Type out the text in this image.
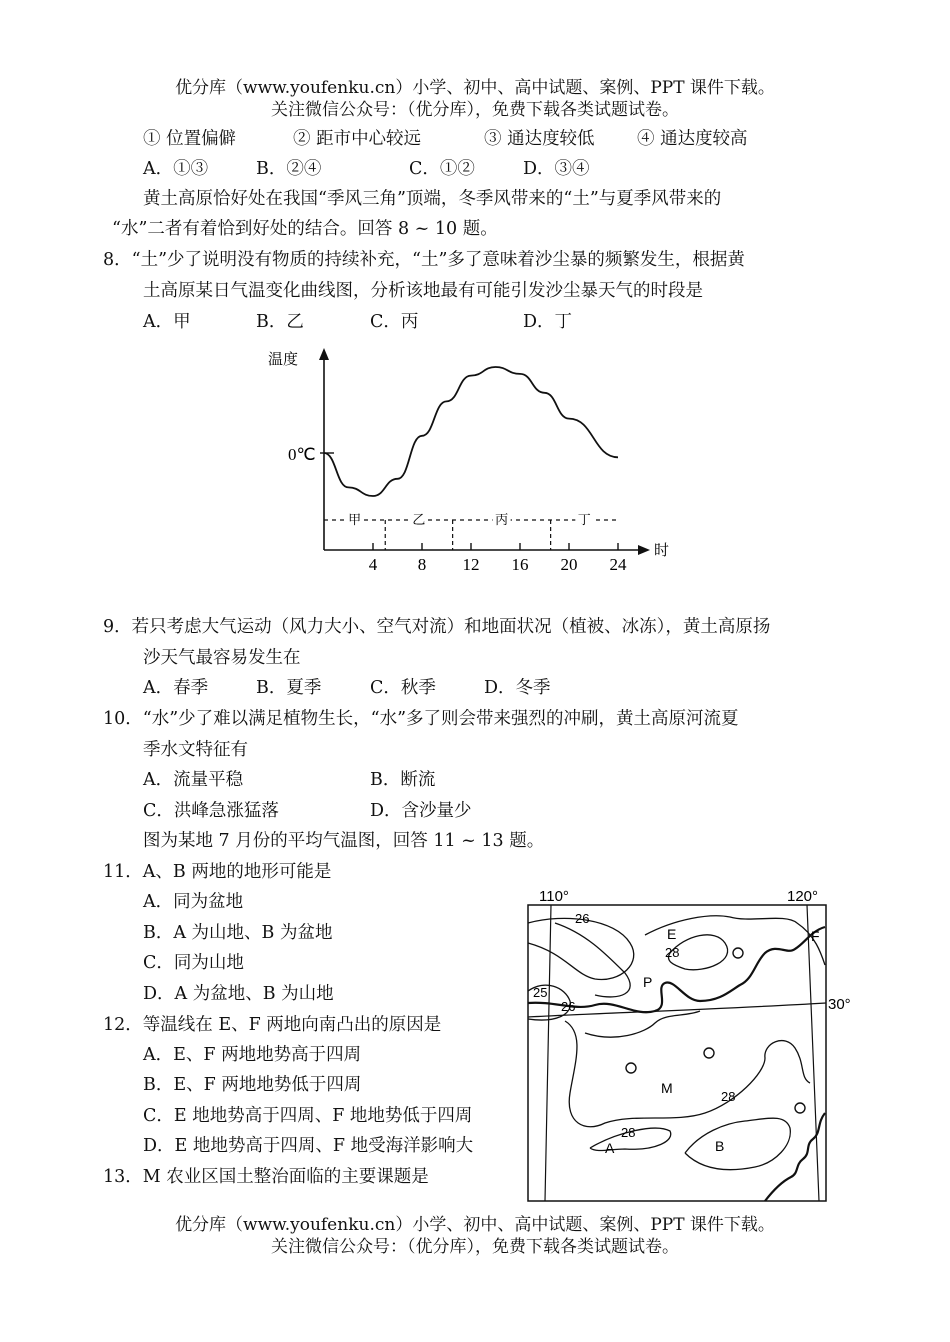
优分库（www.youfenku.cn）小学、初中、高中试题、案例、PPT 课件下载。
关注微信公众号：（优分库），免费下载各类试题试卷。
① 位置偏僻	② 距市中心较远	③ 通达度较低 ④ 通达度较高
A．①③	B．②④	C．①②	D．③④
黄土高原恰好处在我国“季风三角”顶端，冬季风带来的“土”与夏季风带来的
“水”二者有着恰到好处的结合。回答 8 ~ 10 题。
8．“土”少了说明没有物质的持续补充，“土”多了意味着沙尘暴的频繁发生，根据黄
土高原某日气温变化曲线图，分析该地最有可能引发沙尘暴天气的时段是
A．甲	B．乙	C．丙	D．丁
温度
时
0℃
4 8 12 16 20 24
甲	乙	丙	丁
9．若只考虑大气运动（风力大小、空气对流）和地面状况（植被、冰冻），黄土高原扬
沙天气最容易发生在
A．春季	B．夏季	C．秋季	D．冬季
10．“水”少了难以满足植物生长，“水”多了则会带来强烈的冲刷，黄土高原河流夏
季水文特征有
A．流量平稳	B．断流
C．洪峰急涨猛落	D．含沙量少
图为某地 7 月份的平均气温图，回答 11 ~ 13 题。
11．A、B 两地的地形可能是
A．同为盆地
B．A 为山地、B 为盆地
C．同为山地
D．A 为盆地、B 为山地
12．等温线在 E、F 两地向南凸出的原因是
A．E、F 两地地势高于四周
B．E、F 两地地势低于四周
C．E 地地势高于四周、F 地地势低于四周
D．E 地地势高于四周、F 地受海洋影响大
13．M 农业区国土整治面临的主要课题是
110°	120°
30°
26
28
25
26
28
28
E	F
P
M
A	B
优分库（www.youfenku.cn）小学、初中、高中试题、案例、PPT 课件下载。
关注微信公众号：（优分库），免费下载各类试题试卷。
